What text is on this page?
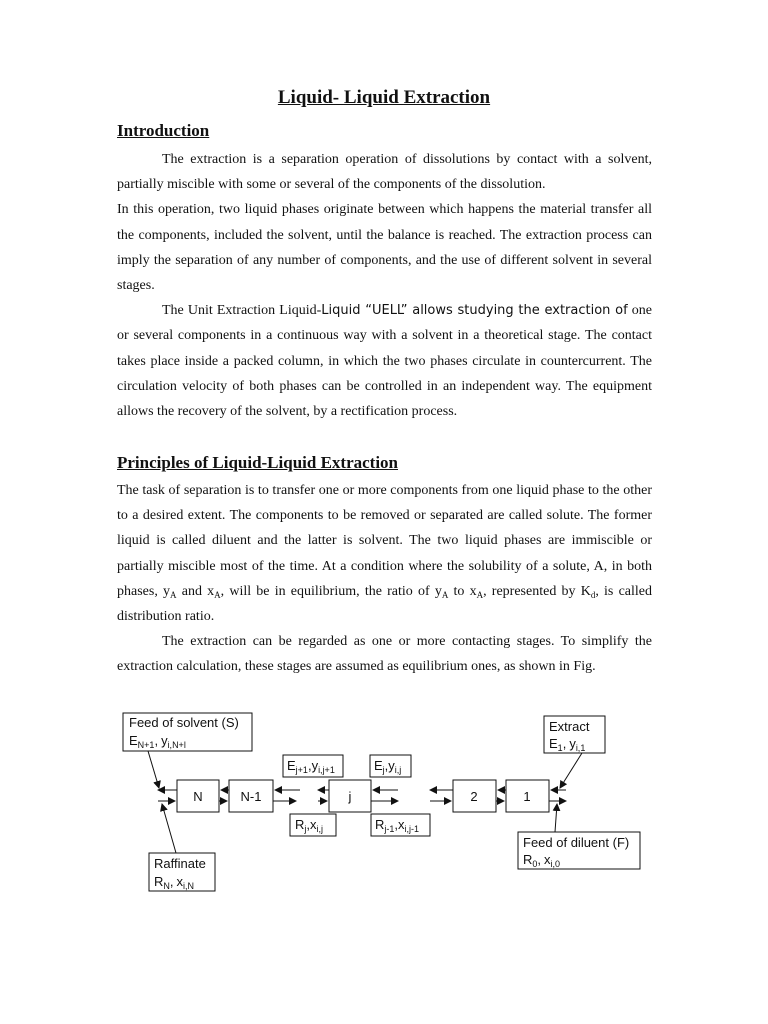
Liquid- Liquid Extraction
Introduction

The extraction is a separation operation of dissolutions by contact with a solvent, partially miscible with some or several of the components of the dissolution.

In this operation, two liquid phases originate between which happens the material transfer all the components, included the solvent, until the balance is reached. The extraction process can imply the separation of any number of components, and the use of different solvent in several stages.

The Unit Extraction Liquid-Liquid “UELL” allows studying the extraction of one or several components in a continuous way with a solvent in a theoretical stage. The contact takes place inside a packed column, in which the two phases circulate in countercurrent. The circulation velocity of both phases can be controlled in an independent way. The equipment allows the recovery of the solvent, by a rectification process.

Principles of Liquid-Liquid Extraction

The task of separation is to transfer one or more components from one liquid phase to the other to a desired extent. The components to be removed or separated are called solute. The former liquid is called diluent and the latter is solvent. The two liquid phases are immiscible or partially miscible most of the time. At a condition where the solubility of a solute, A, in both phases, $y_A$ and $x_A$, will be in equilibrium, the ratio of $y_A$ to $x_A$, represented by $K_d$, is called distribution ratio.

The extraction can be regarded as one or more contacting stages. To simplify the extraction calculation, these stages are assumed as equilibrium ones, as shown in Fig.

Feed of solvent (S)
$E_{N+1}$, $y_{i,N+l}$
Extract
$E_1$, $y_{i,1}$
Raffinate
$R_N$, $x_{i,N}$
Feed of diluent (F)
$R_0$, $x_{i,0}$
N	N-1	j	2	1
$E_{j+1},y_{i,j+1}$	$E_j,y_{i,j}$
$R_j,x_{i,j}$	$R_{j-1},x_{i,j-1}$
